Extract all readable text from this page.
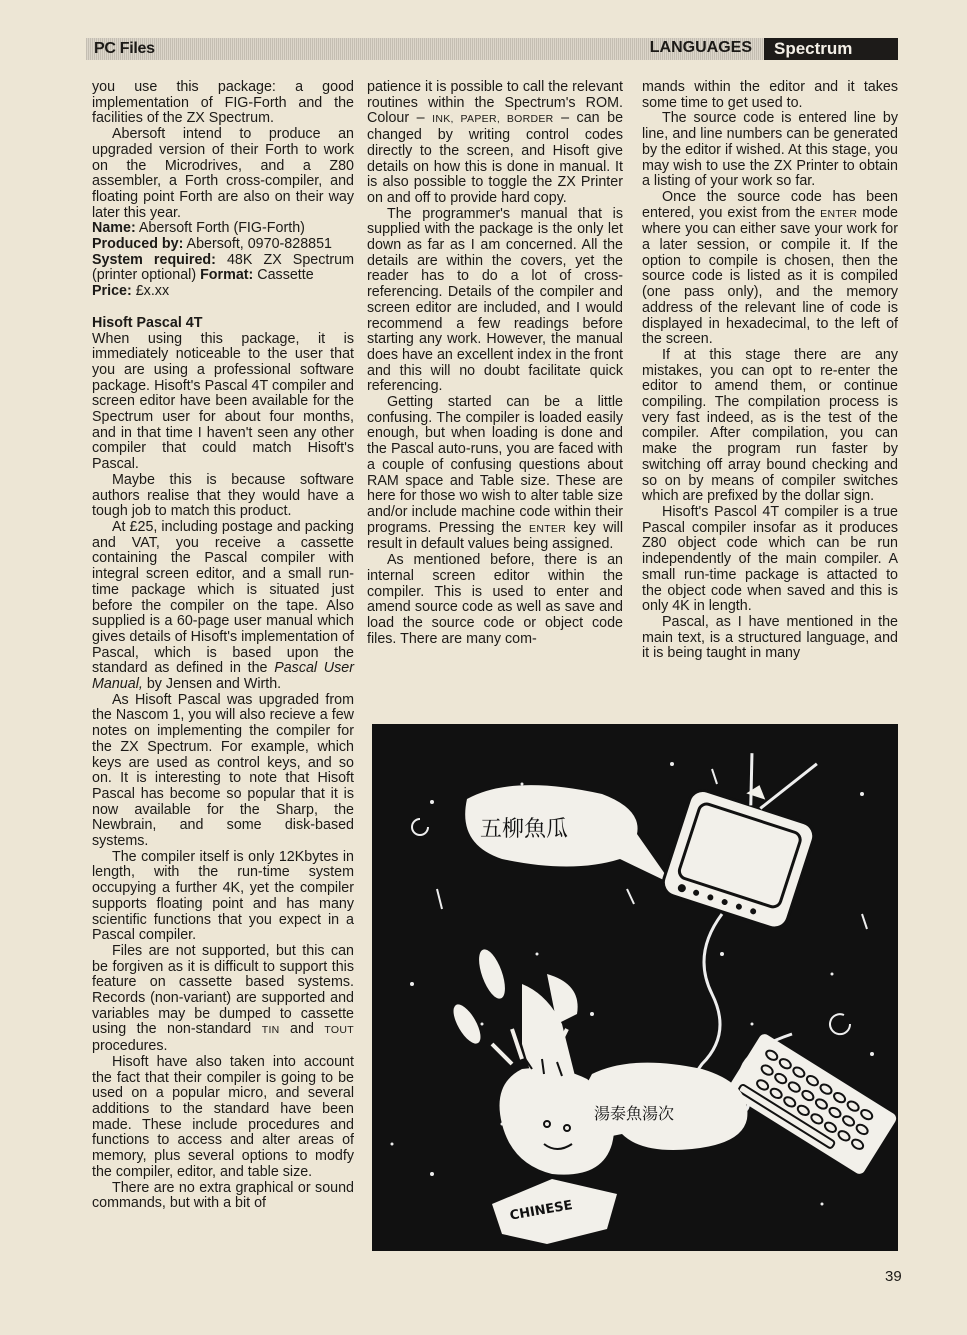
PC Files	LANGUAGES	Spectrum

you use this package: a good implementation of FIG-Forth and the facilities of the ZX Spectrum.

Abersoft intend to produce an upgraded version of their Forth to work on the Microdrives, and a Z80 assembler, a Forth cross-compiler, and floating point Forth are also on their way later this year.

Name: Abersoft Forth (FIG-Forth)

Produced by: Abersoft, 0970-828851

System required: 48K ZX Spectrum (printer optional) Format: Cassette

Price: £x.xx

Hisoft Pascal 4T

When using this package, it is immediately noticeable to the user that you are using a professional software package. Hisoft's Pascal 4T compiler and screen editor have been available for the Spectrum user for about four months, and in that time I haven't seen any other compiler that could match Hisoft's Pascal.

Maybe this is because software authors realise that they would have a tough job to match this product.

At £25, including postage and packing and VAT, you receive a cassette containing the Pascal compiler with integral screen editor, and a small run-time package which is situated just before the compiler on the tape. Also supplied is a 60-page user manual which gives details of Hisoft's implementation of Pascal, which is based upon the standard as defined in the Pascal User Manual, by Jensen and Wirth.

As Hisoft Pascal was upgraded from the Nascom 1, you will also recieve a few notes on implementing the compiler for the ZX Spectrum. For example, which keys are used as control keys, and so on. It is interesting to note that Hisoft Pascal has become so popular that it is now available for the Sharp, the Newbrain, and some disk-based systems.

The compiler itself is only 12Kbytes in length, with the run-time system occupying a further 4K, yet the compiler supports floating point and has many scientific functions that you expect in a Pascal compiler.

Files are not supported, but this can be forgiven as it is difficult to support this feature on cassette based systems. Records (non-variant) are supported and variables may be dumped to cassette using the non-standard TIN and TOUT procedures.

Hisoft have also taken into account the fact that their compiler is going to be used on a popular micro, and several additions to the standard have been made. These include procedures and functions to access and alter areas of memory, plus several options to modfy the compiler, editor, and table size.

There are no extra graphical or sound commands, but with a bit of

patience it is possible to call the relevant routines within the Spectrum's ROM. Colour – INK, PAPER, BORDER – can be changed by writing control codes directly to the screen, and Hisoft give details on how this is done in manual. It is also possible to toggle the ZX Printer on and off to provide hard copy.

The programmer's manual that is supplied with the package is the only let down as far as I am concerned. All the details are within the covers, yet the reader has to do a lot of cross-referencing. Details of the compiler and screen editor are included, and I would recommend a few readings before starting any work. However, the manual does have an excellent index in the front and this will no doubt facilitate quick referencing.

Getting started can be a little confusing. The compiler is loaded easily enough, but when loading is done and the Pascal auto-runs, you are faced with a couple of confusing questions about RAM space and Table size. These are here for those wo wish to alter table size and/or include machine code within their programs. Pressing the ENTER key will result in default values being assigned.

As mentioned before, there is an internal screen editor within the compiler. This is used to enter and amend source code as well as save and load the source code or object code files. There are many com-

mands within the editor and it takes some time to get used to.

The source code is entered line by line, and line numbers can be generated by the editor if wished. At this stage, you may wish to use the ZX Printer to obtain a listing of your work so far.

Once the source code has been entered, you exist from the ENTER mode where you can either save your work for a later session, or compile it. If the option to compile is chosen, then the source code is listed as it is compiled (one pass only), and the memory address of the relevant line of code is displayed in hexadecimal, to the left of the screen.

If at this stage there are any mistakes, you can opt to re-enter the editor to amend them, or continue compiling. The compilation process is very fast indeed, as is the test of the compiler. After compilation, you can make the program run faster by switching off array bound checking and so on by means of compiler switches which are prefixed by the dollar sign.

Hisoft's Pascol 4T compiler is a true Pascal compiler insofar as it produces Z80 object code which can be run independently of the main compiler. A small run-time package is attacted to the object code when saved and this is only 4K in length.

Pascal, as I have mentioned in the main text, is a structured language, and it is being taught in many

五柳魚瓜
CHINESE
湯泰魚湯次
39
